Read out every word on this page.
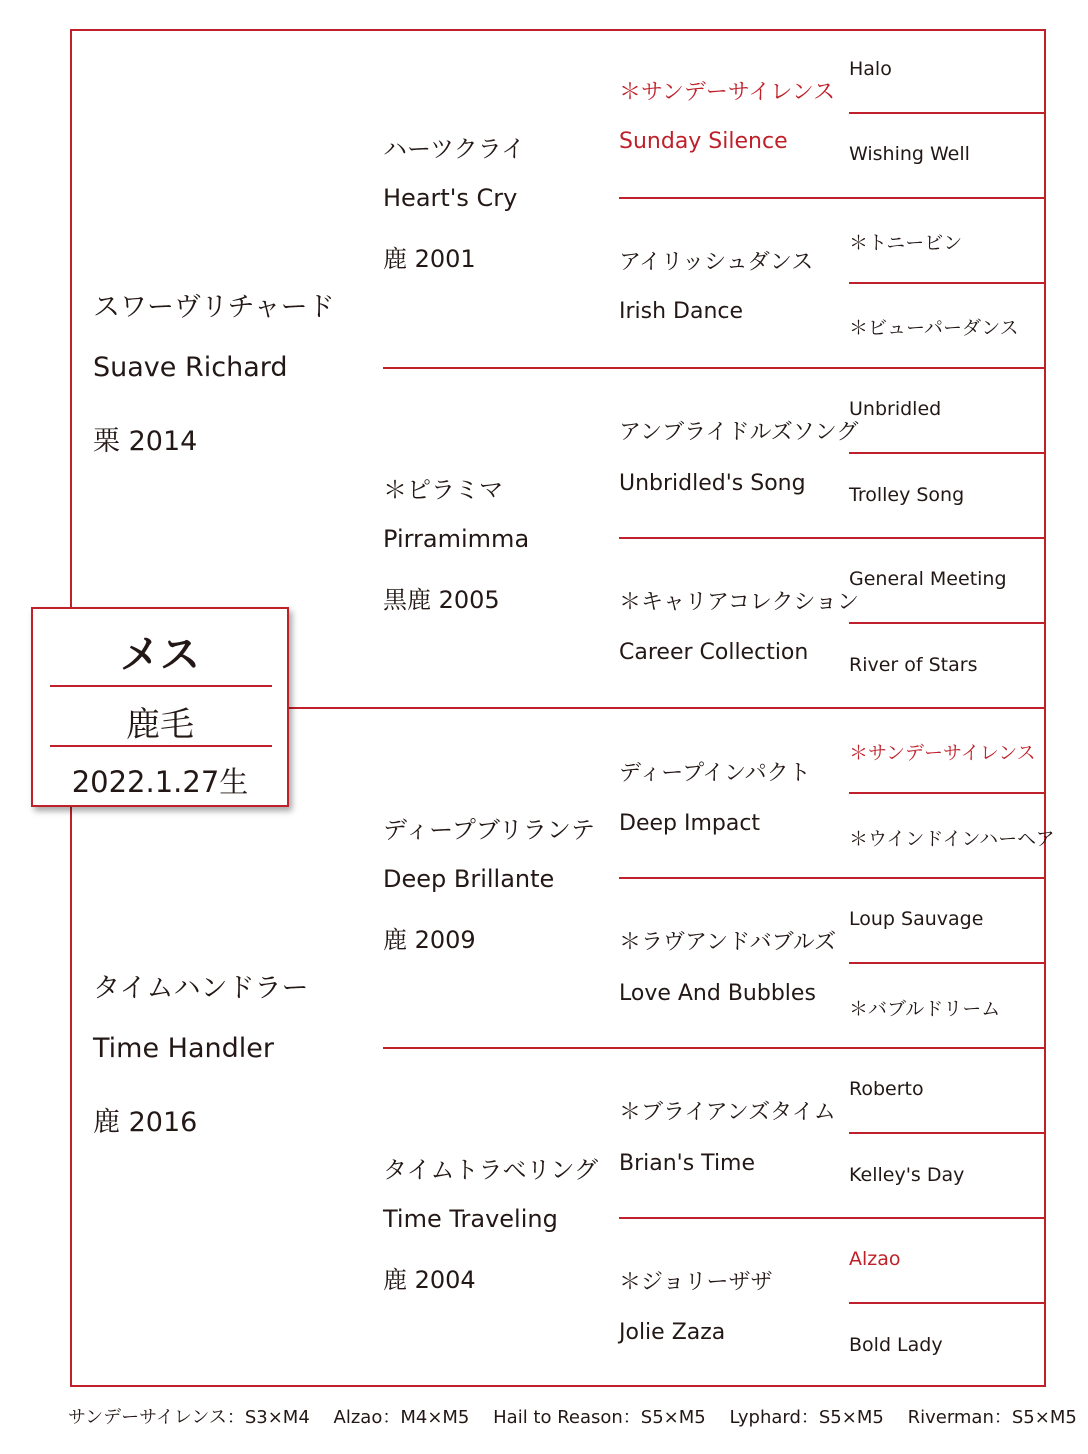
スワーヴリチャード
Suave Richard
栗 2014
タイムハンドラー
Time Handler
鹿 2016
ハーツクライ
Heart's Cry
鹿 2001
＊ピラミマ
Pirramimma
黒鹿 2005
ディープブリランテ
Deep Brillante
鹿 2009
タイムトラベリング
Time Traveling
鹿 2004
＊サンデーサイレンス
Sunday Silence
アイリッシュダンス
Irish Dance
アンブライドルズソング
Unbridled's Song
＊キャリアコレクション
Career Collection
ディープインパクト
Deep Impact
＊ラヴアンドバブルズ
Love And Bubbles
＊ブライアンズタイム
Brian's Time
＊ジョリーザザ
Jolie Zaza
Halo
Wishing Well
＊トニービン
＊ビューパーダンス
Unbridled
Trolley Song
General Meeting
River of Stars
＊サンデーサイレンス
＊ウインドインハーヘア
Loup Sauvage
＊バブルドリーム
Roberto
Kelley's Day
Alzao
Bold Lady
メス
鹿毛
2022.1.27生
サンデーサイレンス：S3×M4 Alzao：M4×M5 Hail to Reason：S5×M5 Lyphard：S5×M5 Riverman：S5×M5
